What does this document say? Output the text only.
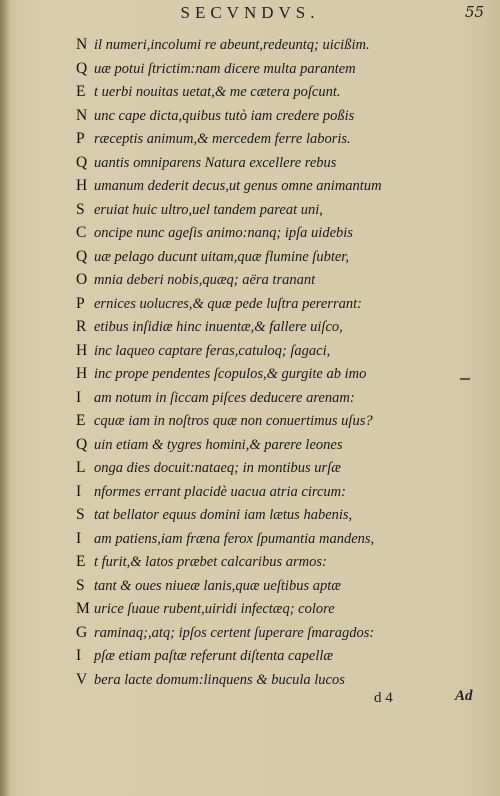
SECVNDVS.	55
N il numeri,incolumi re abeunt,redeuntq; uicißim.
Q uæ potui ſtrictim:nam dicere multa parantem
E t uerbi nouitas uetat,& me cætera poſcunt.
N unc cape dicta,quibus tutò iam credere poßis
P ræceptis animum,& mercedem ferre laboris.
Q uantis omniparens Natura excellere rebus
H umanum dederit decus,ut genus omne animantum
S eruiat huic ultro,uel tandem pareat uni,
C oncipe nunc ageſis animo:nanq; ipſa uidebis
Q uæ pelago ducunt uitam,quæ flumine ſubter,
O mnia deberi nobis,quæq; aëra tranant
P ernices uolucres,& quæ pede luſtra pererrant:
R etibus inſidiæ hinc inuentæ,& fallere uiſco,
H inc laqueo captare feras,catuloq; ſagaci,
H inc prope pendentes ſcopulos,& gurgite ab imo
I am notum in ſiccam piſces deducere arenam:
E cquæ iam in noſtros quæ non conuertimus uſus?
Q uin etiam & tygres homini,& parere leones
L onga dies docuit:nataeq; in montibus urſæ
I nformes errant placidè uacua atria circum:
S tat bellator equus domini iam lætus habenis,
I am patiens,iam fræna ferox ſpumantia mandens,
E t furit,& latos præbet calcaribus armos:
S tant & oues niueæ lanis,quæ ueſtibus aptæ
M urice ſuaue rubent,uiridi infectæq; colore
G raminaq;,atq; ipſos certent ſuperare ſmaragdos:
I pſæ etiam paſtæ referunt diſtenta capellæ
V bera lacte domum:linquens & bucula lucos
d 4	Ad
